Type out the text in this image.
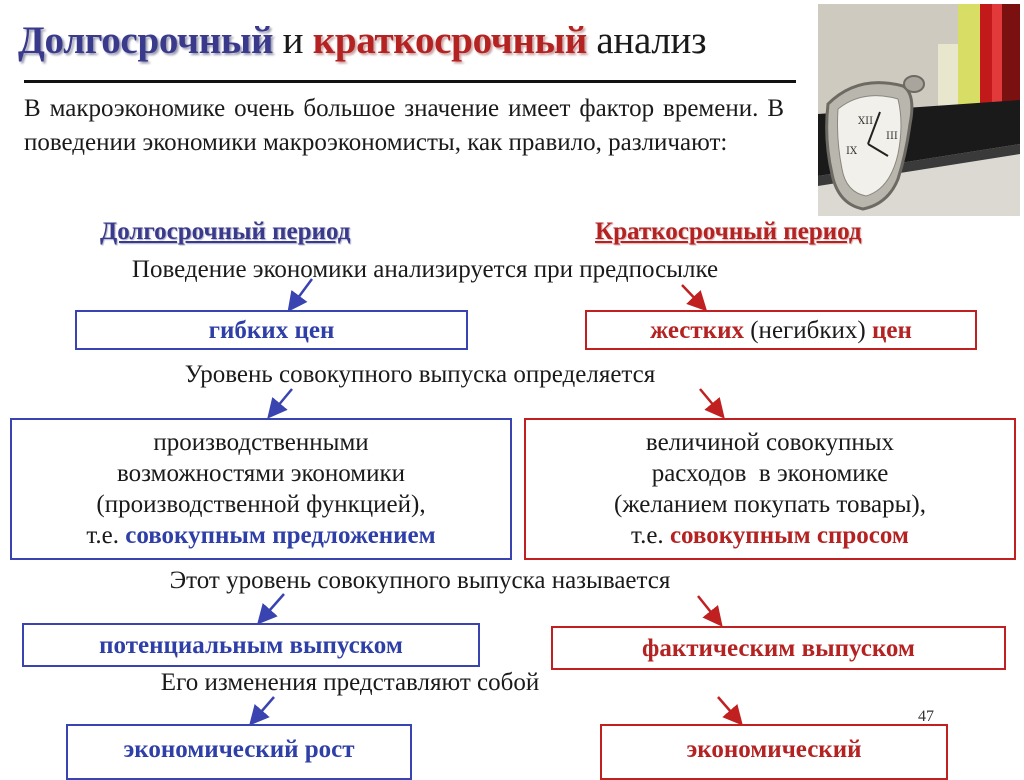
Долгосрочный и краткосрочный анализ
XII
IX
III
В макроэкономике очень большое значение имеет фактор времени. В поведении экономики макроэкономисты, как правило, различают:
Долгосрочный период	Краткосрочный период
Поведение экономики анализируется при предпосылке
гибких цен	жестких (негибких) цен
Уровень совокупного выпуска определяется
производственными
возможностями экономики
(производственной функцией),
т.е. совокупным предложением
величиной совокупных
расходов  в экономике
(желанием покупать товары),
т.е. совокупным спросом
Этот уровень совокупного выпуска называется
потенциальным выпуском	фактическим выпуском
Его изменения представляют собой
экономический рост	экономический
47
